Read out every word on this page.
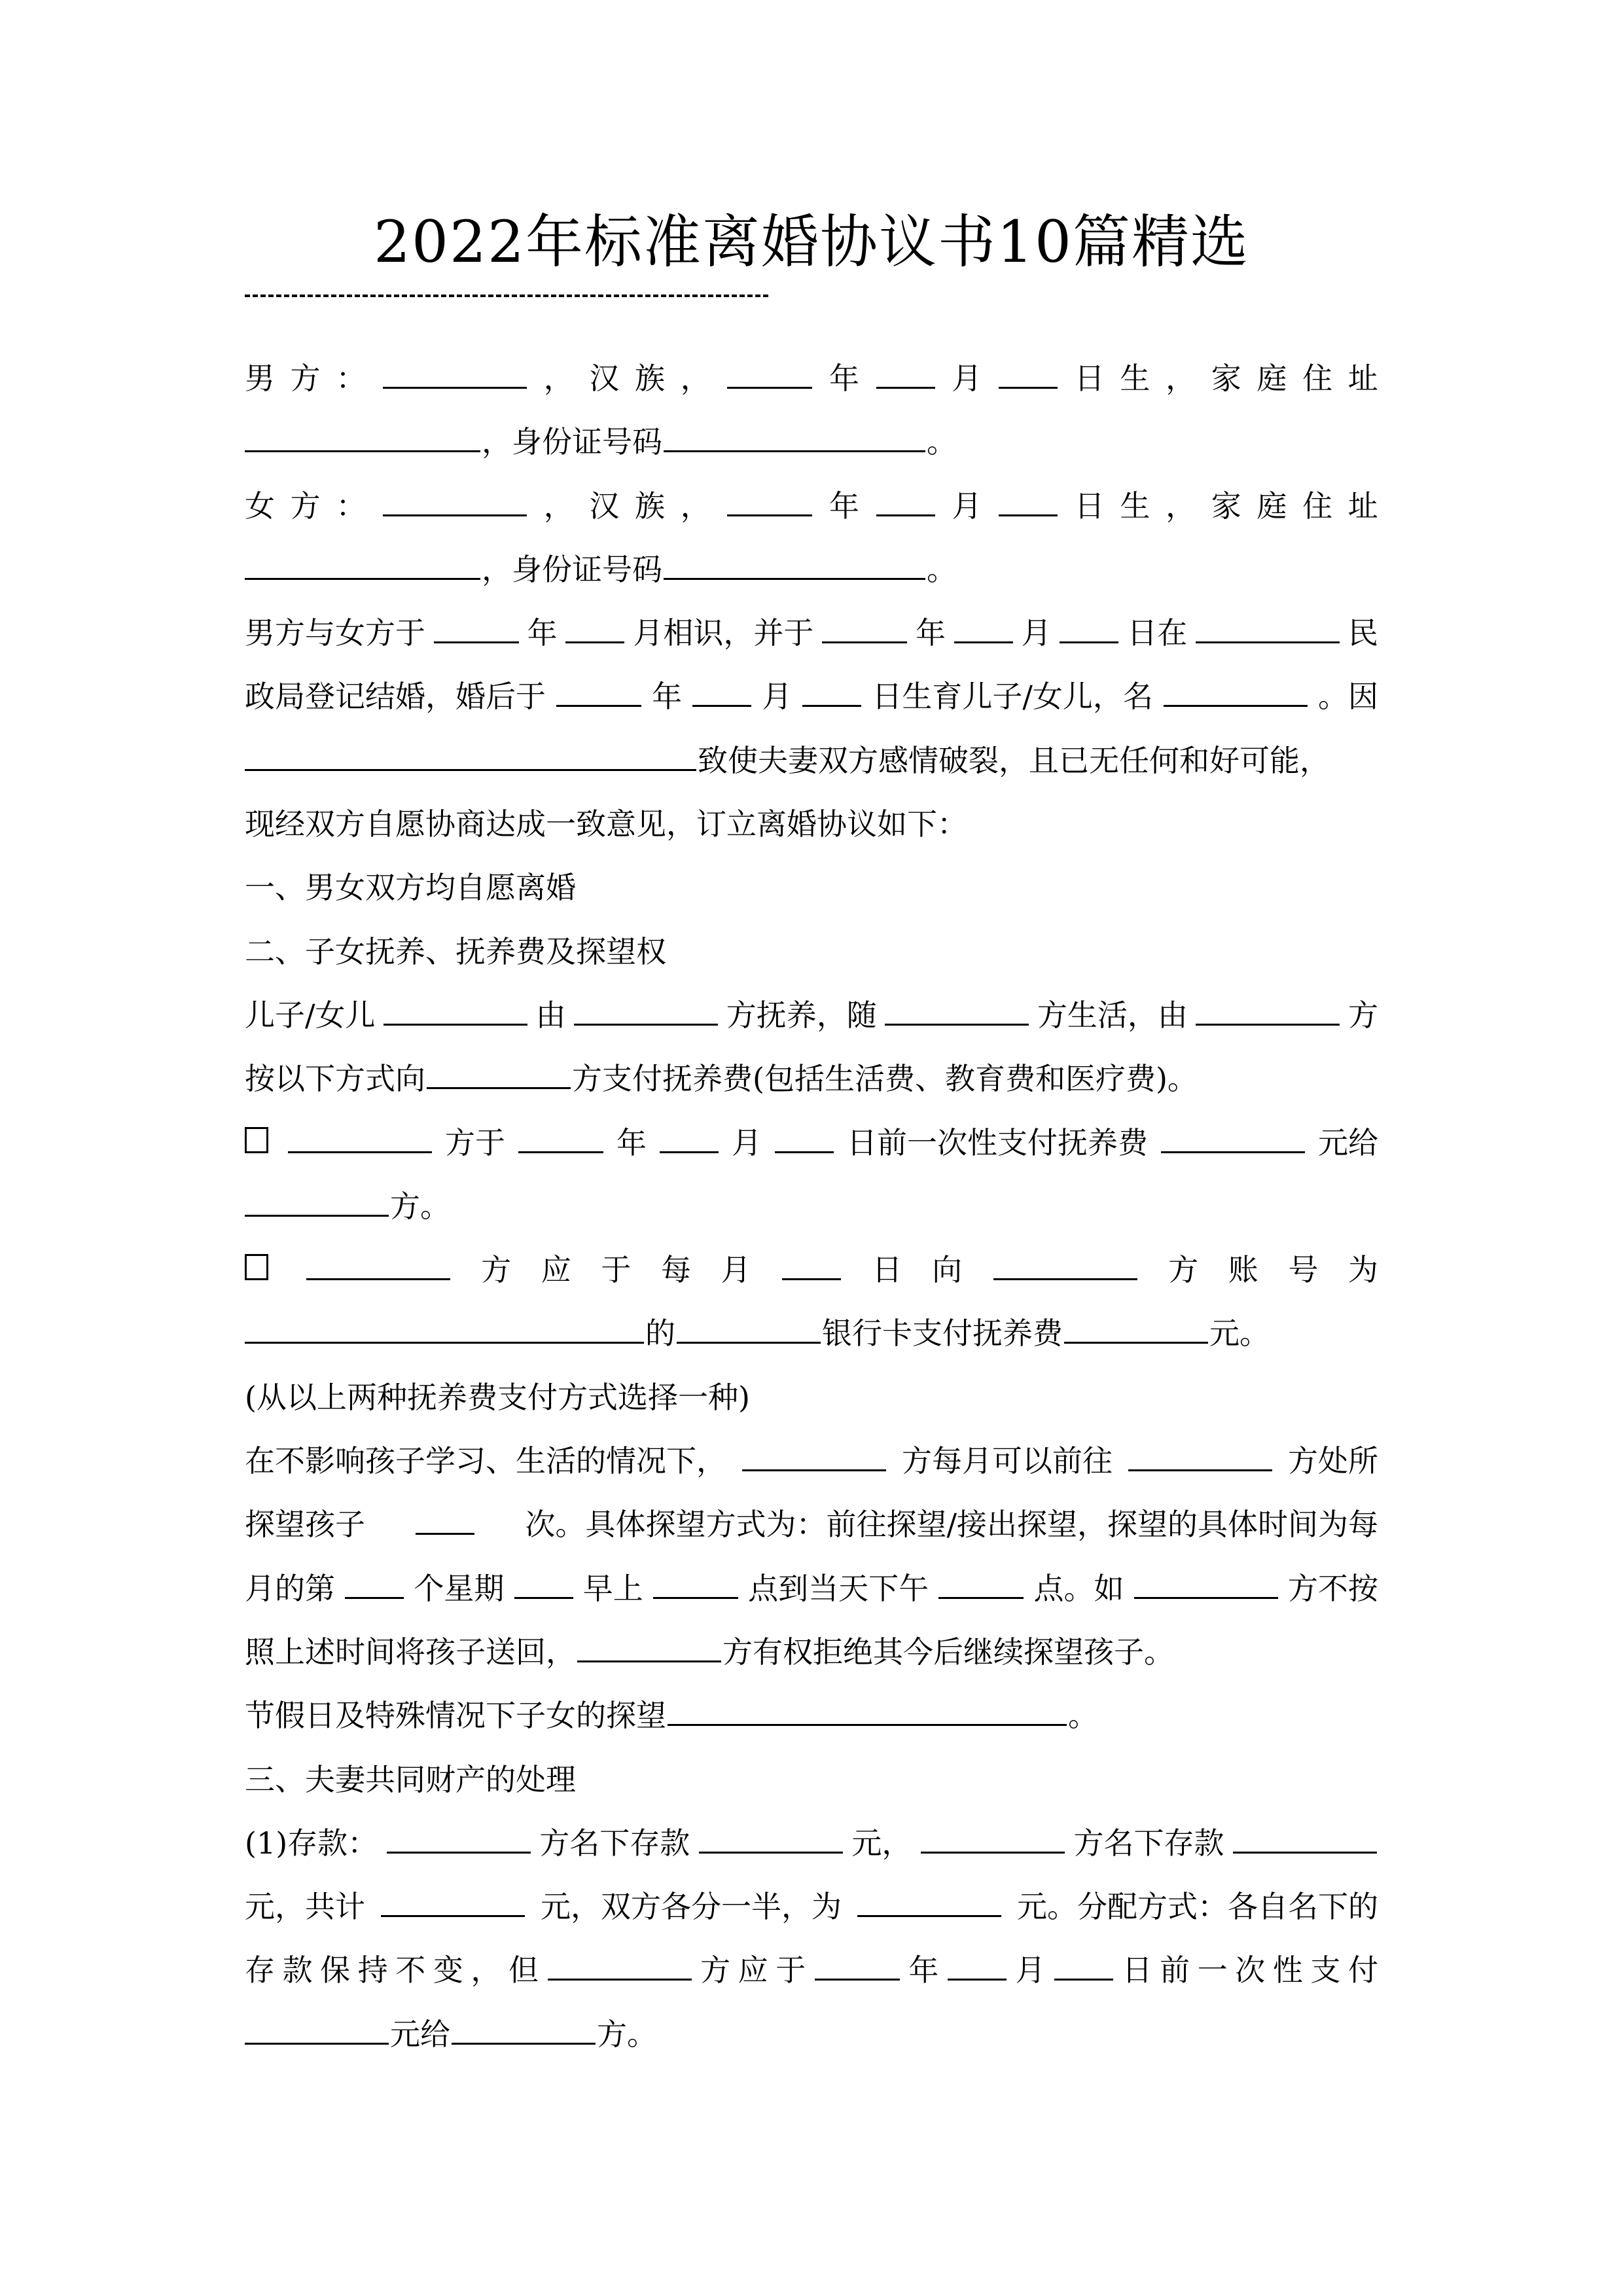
2022年标准离婚协议书10篇精选
男 方 ：	， 汉 族 ，	年	月	日 生 ， 家 庭 住 址
，身份证号码	。
女 方 ：	， 汉 族 ，	年	月	日 生 ， 家 庭 住 址
，身份证号码	。
男方与女方于	年	月相识，并于	年	月	日在	民
政局登记结婚，婚后于	年	月	日生育儿子/女儿，名	。因
致使夫妻双方感情破裂，且已无任何和好可能，
现经双方自愿协商达成一致意见，订立离婚协议如下：
一、男女双方均自愿离婚
二、子女抚养、抚养费及探望权
儿子/女儿	由	方抚养，随	方生活，由	方
按以下方式向	方支付抚养费(包括生活费、教育费和医疗费)。
方于	年	月	日前一次性支付抚养费	元给
方。
方 应 于 每 月	日 向	方 账 号 为
的	银行卡支付抚养费	元。
(从以上两种抚养费支付方式选择一种)
在不影响孩子学习、生活的情况下，	方每月可以前往	方处所
探望孩子	次。具体探望方式为：前往探望/接出探望，探望的具体时间为每
月的第	个星期	早上	点到当天下午	点。如	方不按
照上述时间将孩子送回，	方有权拒绝其今后继续探望孩子。
节假日及特殊情况下子女的探望	。
三、夫妻共同财产的处理
(1)存款：	方名下存款	元，	方名下存款
元，共计	元，双方各分一半，为	元。分配方式：各自名下的
存 款 保 持 不 变 ， 但	方 应 于	年	月	日 前 一 次 性 支 付
元给	方。
